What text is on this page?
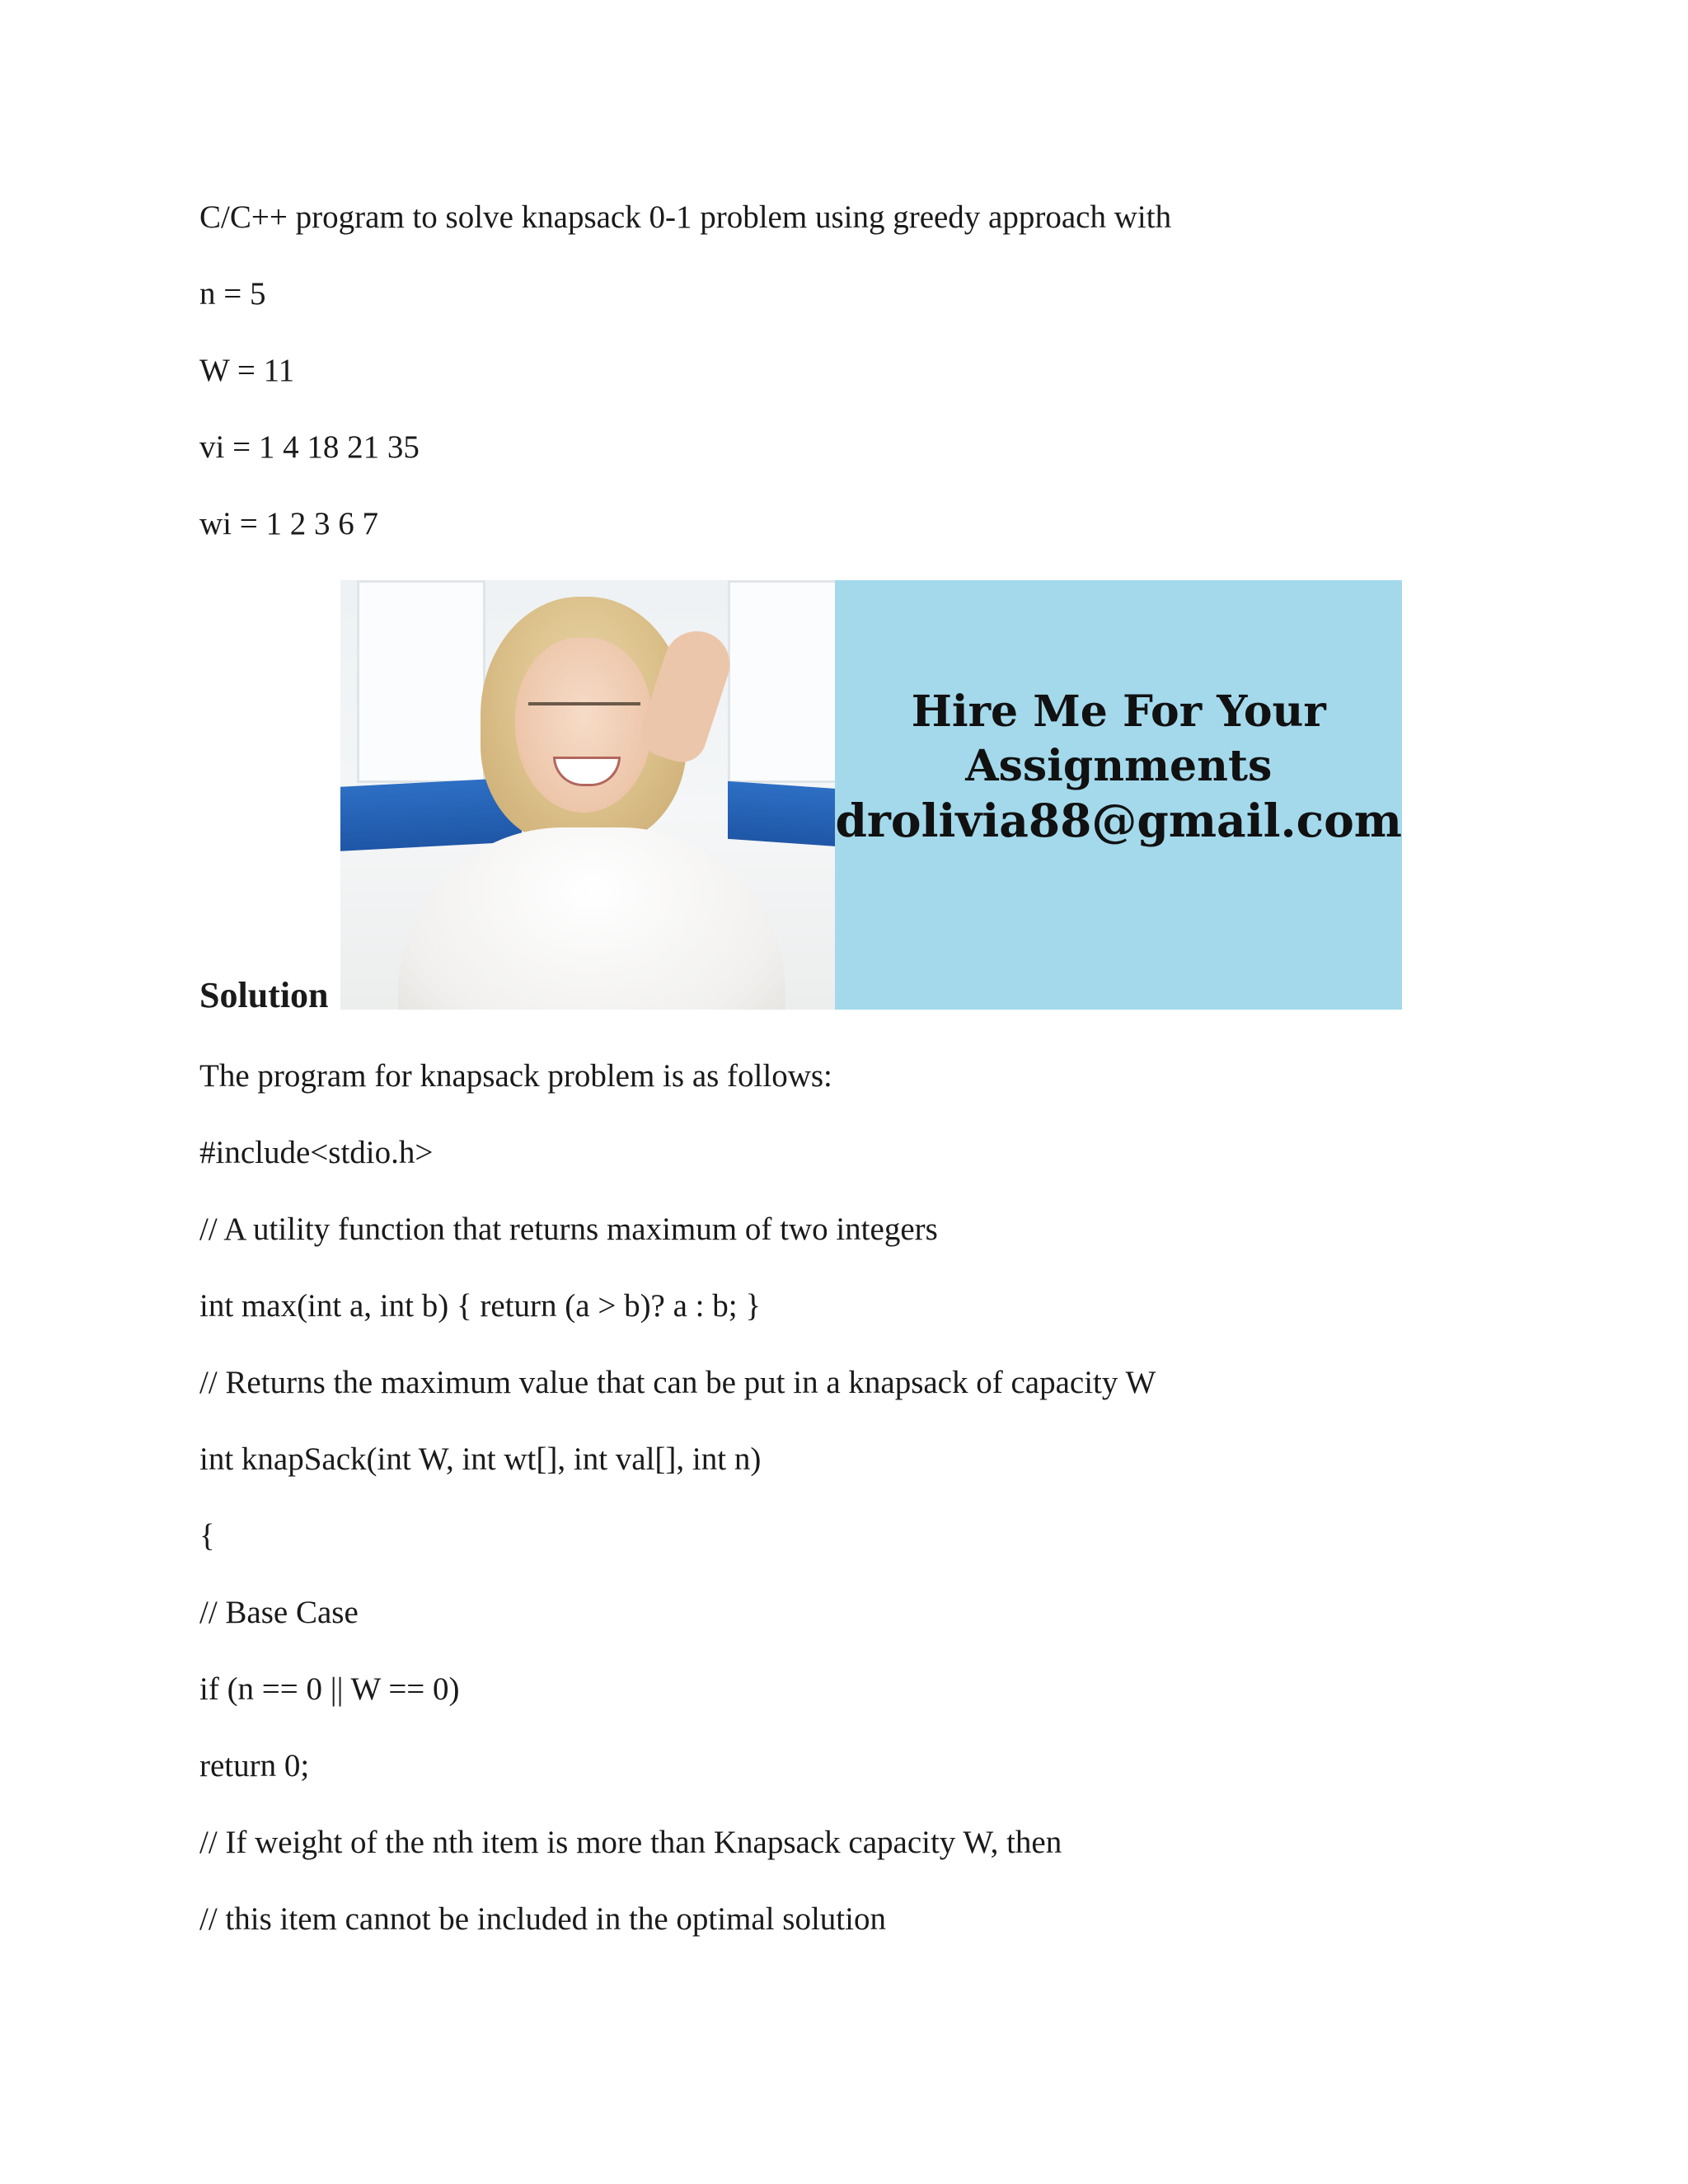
C/C++ program to solve knapsack 0-1 problem using greedy approach with
n = 5
W = 11
vi = 1 4 18 21 35
wi = 1 2 3 6 7
Hire Me For Your
Assignments
drolivia88@gmail.com
Solution
The program for knapsack problem is as follows:
#include<stdio.h>
// A utility function that returns maximum of two integers
int max(int a, int b) { return (a > b)? a : b; }
// Returns the maximum value that can be put in a knapsack of capacity W
int knapSack(int W, int wt[], int val[], int n)
{
// Base Case
if (n == 0 || W == 0)
return 0;
// If weight of the nth item is more than Knapsack capacity W, then
// this item cannot be included in the optimal solution
